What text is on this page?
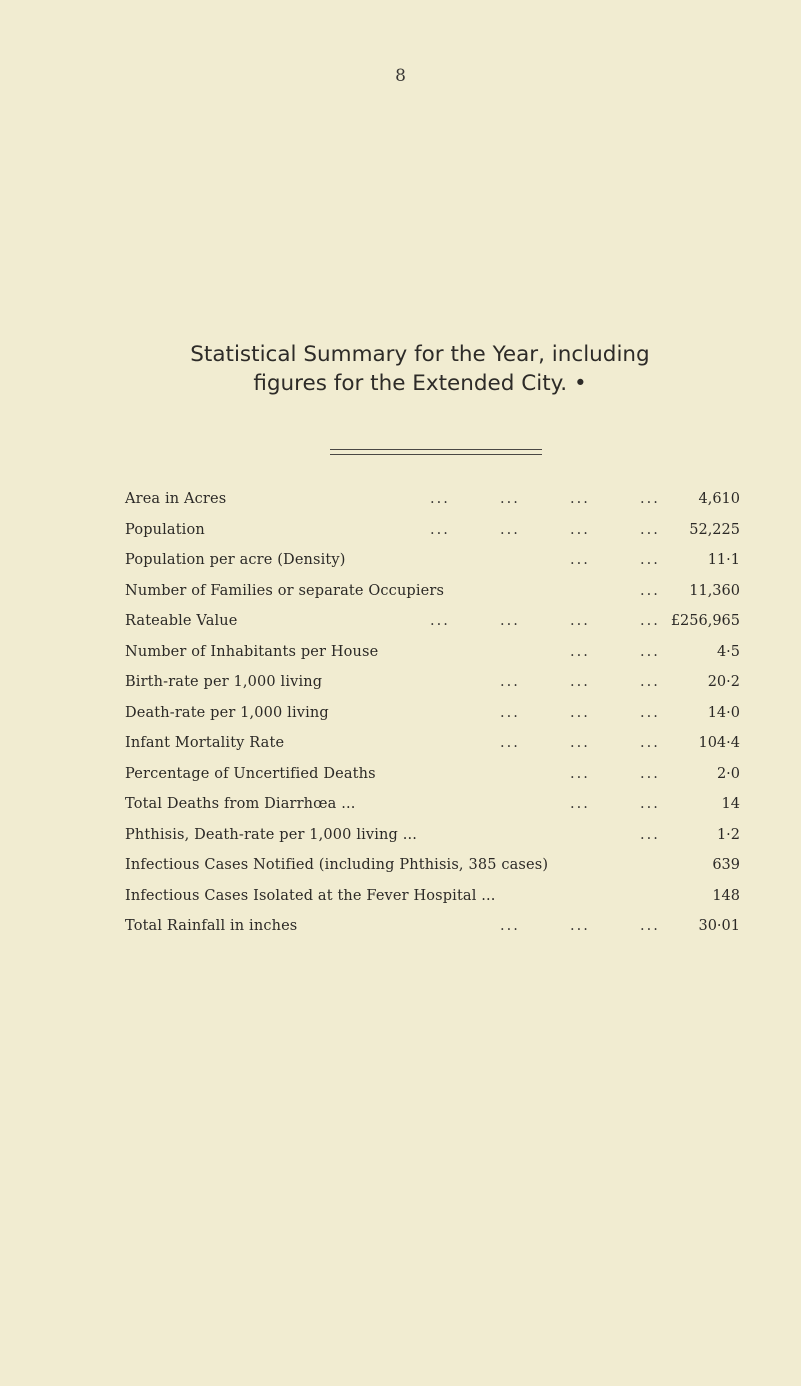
8
Statistical Summary for the Year, including
figures for the Extended City. •
Area in Acres	...	...	...	...	4,610
Population	...	...	...	... 52,225
Population per acre (Density)	...	...	11·1
Number of Families or separate Occupiers	... 11,360
Rateable Value	...	...	...	... £256,965
Number of Inhabitants per House	...	...	4·5
Birth-rate per 1,000 living	...	...	...	20·2
Death-rate per 1,000 living	...	...	...	14·0
Infant Mortality Rate	...	...	...	104·4
Percentage of Uncertified Deaths	...	...	2·0
Total Deaths from Diarrhœa ...	...	...	14
Phthisis, Death-rate per 1,000 living ...	...	1·2
Infectious Cases Notified (including Phthisis, 385 cases)	639
Infectious Cases Isolated at the Fever Hospital ...	148
Total Rainfall in inches	...	...	...	30·01
